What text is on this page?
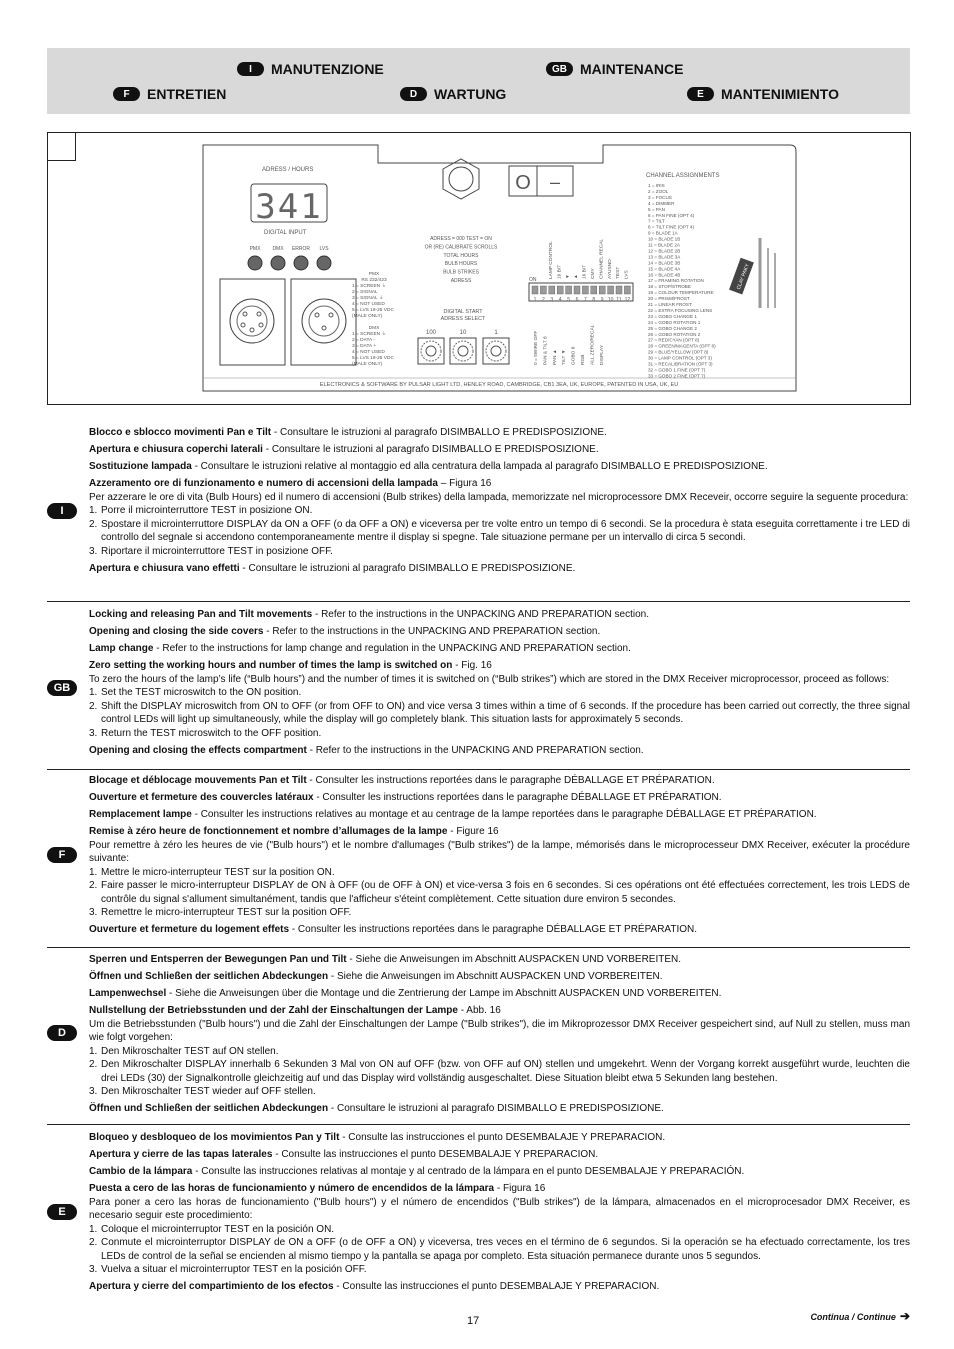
I	MANUTENZIONE	GB MAINTENANCE
F	ENTRETIEN	D	WARTUNG	E	MANTENIMIENTO
ADRESS / HOURS
341
DIGITAL INPUT
PMX DMX ERROR LVS
PMX
RS 232/423
1 = SCREEN ⏚
2 = SIGNAL
3 = SIGNAL ⏚
4 = NOT USED
5 = LVS 18-25 VDC
(MALE ONLY)
DMX
1 = SCREEN ⏚
2 = DATA -
3 = DATA +
4 = NOT USED
5 = LVS 18-25 VDC
(MALE ONLY)
O –
ADRESS = 000 TEST = ON
OR (RE) CALIBRATE SCROLLS
TOTAL HOURS
BULB HOURS
BULB STRIKES
ADRESS
DIGITAL START
ADRESS SELECT
100	10	1
ON
1 2 3 4 5 6 7 8 9 10 11 12
LAMP CONTROL 16 BIT ▼ ▲ 16 BIT CMY CHANNEL RECAL AYUSNO TEST LVS
0 = 5WIRE OFF PAN & TILT 8 PAN ▲ TILT ▼ GOBO 8 RGB ALL ZERO/RECAL DISPLAY
CHANNEL ASSIGNMENTS
1 = IRIS
2 = ZOOL
3 = FOCUS
4 = DIMMER
5 = PAN
6 = PAN FINE (OPT 4)
7 = TILT
8 = TILT FINE (OPT 4)
9 = BLADE 1A
10 = BLADE 1B
11 = BLADE 2A
12 = BLADE 2B
13 = BLADE 3A
14 = BLADE 3B
15 = BLADE 4A
16 = BLADE 4B
17 = FRAMING ROTATION
18 = STOP/STROBE
19 = COLOUR TEMPERATURE
20 = PRISM/FROST
21 = LINEAR FROST
22 = EXTRA FOCUSING LENS
23 = GOBO CHANGE 1
24 = GOBO ROTATION 1
25 = GOBO CHANGE 2
26 = GOBO ROTATION 2
27 = RED/CYAN (OPT 8)
28 = GREEN/MAGENTA (OPT 8)
29 = BLUE/YELLOW (OPT 8)
30 = LAMP CONTROL (OPT 3)
31 = RECALIBRATION (OPT 3)
32 = GOBO 1 FINE (OPT 7)
33 = GOBO 2 FINE (OPT 7)
CLAY PAKY
ELECTRONICS & SOFTWARE BY PULSAR LIGHT LTD, HENLEY ROAD, CAMBRIDGE, CB1 3EA, UK, EUROPE, PATENTED IN USA, UK, EU
I

Blocco e sblocco movimenti Pan e Tilt - Consultare le istruzioni al paragrafo DISIMBALLO E PREDISPOSIZIONE.

Apertura e chiusura coperchi laterali - Consultare le istruzioni al paragrafo DISIMBALLO E PREDISPOSIZIONE.

Sostituzione lampada - Consultare le istruzioni relative al montaggio ed alla centratura della lampada al paragrafo DISIMBALLO E PREDISPOSIZIONE.

Azzeramento ore di funzionamento e numero di accensioni della lampada – Figura 16

Per azzerare le ore di vita (Bulb Hours) ed il numero di accensioni (Bulb strikes) della lampada, memorizzate nel microprocessore DMX Receveir, occorre seguire la seguente procedura:

1. Porre il microinterruttore TEST in posizione ON.
2. Spostare il microinterruttore DISPLAY da ON a OFF (o da OFF a ON) e viceversa per tre volte entro un tempo di 6 secondi. Se la procedura è stata eseguita correttamente i tre LED di controllo del segnale si accendono contemporaneamente mentre il display si spegne. Tale situazione permane per un intervallo di circa 5 secondi.
3. Riportare il microinterruttore TEST in posizione OFF.

Apertura e chiusura vano effetti - Consultare le istruzioni al paragrafo DISIMBALLO E PREDISPOSIZIONE.

GB

Locking and releasing Pan and Tilt movements - Refer to the instructions in the UNPACKING AND PREPARATION section.

Opening and closing the side covers - Refer to the instructions in the UNPACKING AND PREPARATION section.

Lamp change - Refer to the instructions for lamp change and regulation in the UNPACKING AND PREPARATION section.

Zero setting the working hours and number of times the lamp is switched on - Fig. 16

To zero the hours of the lamp’s life (“Bulb hours”) and the number of times it is switched on (“Bulb strikes”) which are stored in the DMX Receiver microprocessor, proceed as follows:

1. Set the TEST microswitch to the ON position.
2. Shift the DISPLAY microswitch from ON to OFF (or from OFF to ON) and vice versa 3 times within a time of 6 seconds. If the procedure has been carried out correctly, the three signal control LEDs will light up simultaneously, while the display will go completely blank. This situation lasts for approximately 5 seconds.
3. Return the TEST microswitch to the OFF position.

Opening and closing the effects compartment - Refer to the instructions in the UNPACKING AND PREPARATION section.

F

Blocage et déblocage mouvements Pan et Tilt - Consulter les instructions reportées dans le paragraphe DÉBALLAGE ET PRÉPARATION.

Ouverture et fermeture des couvercles latéraux - Consulter les instructions reportées dans le paragraphe DÉBALLAGE ET PRÉPARATION.

Remplacement lampe - Consulter les instructions relatives au montage et au centrage de la lampe reportées dans le paragraphe DÉBALLAGE ET PRÉPARATION.

Remise à zéro heure de fonctionnement et nombre d’allumages de la lampe - Figure 16

Pour remettre à zéro les heures de vie ("Bulb hours") et le nombre d'allumages ("Bulb strikes") de la lampe, mémorisés dans le microprocesseur DMX Receiver, exécuter la procédure suivante:

1. Mettre le micro-interrupteur TEST sur la position ON.
2. Faire passer le micro-interrupteur DISPLAY de ON à OFF (ou de OFF à ON) et vice-versa 3 fois en 6 secondes. Si ces opérations ont été effectuées correctement, les trois LEDS de contrôle du signal s'allument simultanément, tandis que l'afficheur s'éteint complètement. Cette situation dure environ 5 secondes.
3. Remettre le micro-interrupteur TEST sur la position OFF.

Ouverture et fermeture du logement effets - Consulter les instructions reportées dans le paragraphe DÉBALLAGE ET PRÉPARATION.

D

Sperren und Entsperren der Bewegungen Pan und Tilt - Siehe die Anweisungen im Abschnitt AUSPACKEN UND VORBEREITEN.

Öffnen und Schließen der seitlichen Abdeckungen - Siehe die Anweisungen im Abschnitt AUSPACKEN UND VORBEREITEN.

Lampenwechsel - Siehe die Anweisungen über die Montage und die Zentrierung der Lampe im Abschnitt AUSPACKEN UND VORBEREITEN.

Nullstellung der Betriebsstunden und der Zahl der Einschaltungen der Lampe - Abb. 16

Um die Betriebsstunden ("Bulb hours") und die Zahl der Einschaltungen der Lampe ("Bulb strikes"), die im Mikroprozessor DMX Receiver gespeichert sind, auf Null zu stellen, muss man wie folgt vorgehen:

1. Den Mikroschalter TEST auf ON stellen.
2. Den Mikroschalter DISPLAY innerhalb 6 Sekunden 3 Mal von ON auf OFF (bzw. von OFF auf ON) stellen und umgekehrt. Wenn der Vorgang korrekt ausgeführt wurde, leuchten die drei LEDs (30) der Signalkontrolle gleichzeitig auf und das Display wird vollständig ausgeschaltet. Diese Situation bleibt etwa 5 Sekunden lang bestehen.
3. Den Mikroschalter TEST wieder auf OFF stellen.

Öffnen und Schließen der seitlichen Abdeckungen - Consultare le istruzioni al paragrafo DISIMBALLO E PREDISPOSIZIONE.

E

Bloqueo y desbloqueo de los movimientos Pan y Tilt - Consulte las instrucciones el punto DESEMBALAJE Y PREPARACION.

Apertura y cierre de las tapas laterales - Consulte las instrucciones el punto DESEMBALAJE Y PREPARACION.

Cambio de la lámpara - Consulte las instrucciones relativas al montaje y al centrado de la lámpara en el punto DESEMBALAJE Y PREPARACIÓN.

Puesta a cero de las horas de funcionamiento y número de encendidos de la lámpara - Figura 16

Para poner a cero las horas de funcionamiento ("Bulb hours") y el número de encendidos ("Bulb strikes") de la lámpara, almacenados en el microprocesador DMX Receiver, es necesario seguir este procedimiento:

1. Coloque el microinterruptor TEST en la posición ON.
2. Conmute el microinterruptor DISPLAY de ON a OFF (o de OFF a ON) y viceversa, tres veces en el término de 6 segundos. Si la operación se ha efectuado correctamente, los tres LEDs de control de la señal se encienden al mismo tiempo y la pantalla se apaga por completo. Esta situación permanece durante unos 5 segundos.
3. Vuelva a situar el microinterruptor TEST en la posición OFF.

Apertura y cierre del compartimiento de los efectos - Consulte las instrucciones el punto DESEMBALAJE Y PREPARACION.

17	Continua / Continue ➔
